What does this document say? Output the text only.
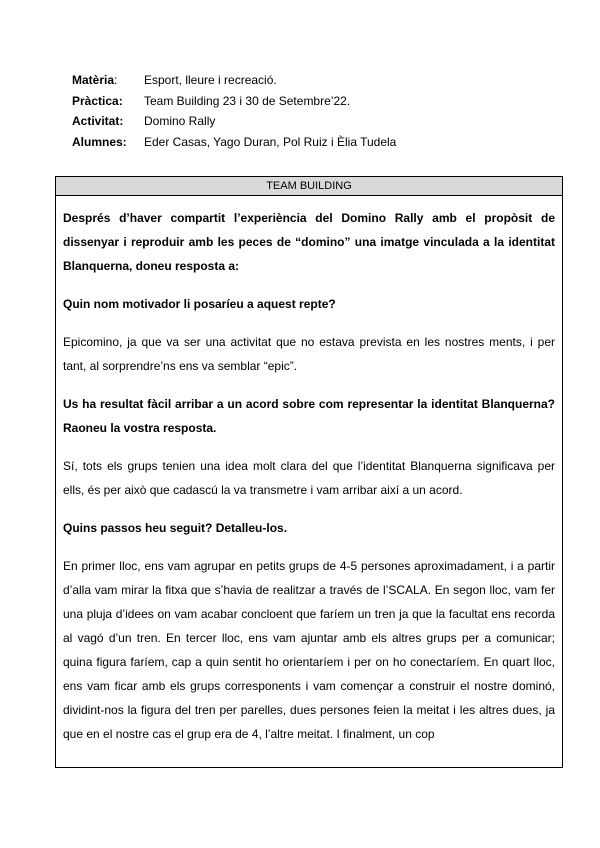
Matèria:	Esport, lleure i recreació.
Pràctica:	Team Building 23 i 30 de Setembre’22.
Activitat:	Domino Rally
Alumnes:	Eder Casas, Yago Duran, Pol Ruiz i Èlia Tudela
TEAM BUILDING

Després d’haver compartit l’experiència del Domino Rally amb el propòsit de dissenyar i reproduir amb les peces de “domino” una imatge vinculada a la identitat Blanquerna, doneu resposta a:

Quin nom motivador li posaríeu a aquest repte?

Epicomino, ja que va ser una activitat que no estava prevista en les nostres ments, i per tant, al sorprendre’ns ens va semblar “epic”.

Us ha resultat fàcil arribar a un acord sobre com representar la identitat Blanquerna? Raoneu la vostra resposta.

Sí, tots els grups tenien una idea molt clara del que l’identitat Blanquerna significava per ells, és per això que cadascú la va transmetre i vam arribar així a un acord.

Quins passos heu seguit? Detalleu-los.

En primer lloc, ens vam agrupar en petits grups de 4-5 persones aproximadament, i a partir d’alla vam mirar la fitxa que s’havia de realitzar a través de l’SCALA. En segon lloc, vam fer una pluja d’idees on vam acabar concloent que faríem un tren ja que la facultat ens recorda al vagó d’un tren. En tercer lloc, ens vam ajuntar amb els altres grups per a comunicar; quina figura faríem, cap a quin sentit ho orientaríem i per on ho conectaríem. En quart lloc, ens vam ficar amb els grups corresponents i vam començar a construir el nostre dominó, dividint-nos la figura del tren per parelles, dues persones feien la meitat i les altres dues, ja que en el nostre cas el grup era de 4, l’altre meitat. I finalment, un cop
